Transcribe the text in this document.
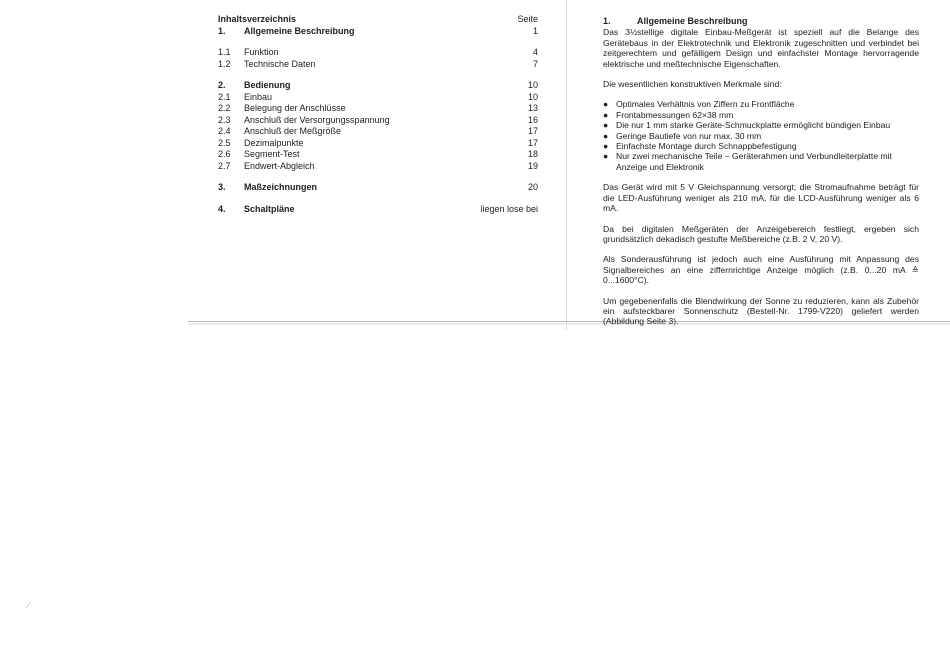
⁄
Inhaltsverzeichnis	Seite
1.	Allgemeine Beschreibung	1
1.1	Funktion	4
1.2	Technische Daten	7
2.	Bedienung	10
2.1	Einbau	10
2.2	Belegung der Anschlüsse	13
2.3	Anschluß der Versorgungsspannung	16
2.4	Anschluß der Meßgröße	17
2.5	Dezimalpunkte	17
2.6	Segment-Test	18
2.7	Endwert-Abgleich	19
3.	Maßzeichnungen	20
4.	Schaltpläne	liegen lose bei
1.	Allgemeine Beschreibung

Das 3½stellige digitale Einbau-Meßgerät ist speziell auf die Belange des Gerätebaus in der Elektrotechnik und Elektronik zugeschnitten und verbindet bei zeitgerechtem und gefälligem Design und einfachster Montage hervorragende elektrische und meßtechnische Eigenschaften.

Die wesentlichen konstruktiven Merkmale sind:

● Optimales Verhältnis von Ziffern zu Frontfläche
● Frontabmessungen 62×38 mm
● Die nur 1 mm starke Geräte-Schmuckplatte ermöglicht bündigen Einbau
● Geringe Bautiefe von nur max. 30 mm
● Einfachste Montage durch Schnappbefestigung
● Nur zwei mechanische Teile – Geräterahmen und Verbundleiterplatte mit Anzeige und Elektronik

Das Gerät wird mit 5 V Gleichspannung versorgt; die Stromaufnahme beträgt für die LED-Ausführung weniger als 210 mA, für die LCD-Ausführung weniger als 6 mA.

Da bei digitalen Meßgeräten der Anzeigebereich festliegt, ergeben sich grundsätzlich dekadisch gestufte Meßbereiche (z.B. 2 V, 20 V).

Als Sonderausführung ist jedoch auch eine Ausführung mit Anpassung des Signalbereiches an eine ziffernrichtige Anzeige möglich (z.B. 0...20 mA ≙ 0...1600°C).

Um gegebenenfalls die Blendwirkung der Sonne zu reduzieren, kann als Zubehör ein aufsteckbarer Sonnenschutz (Bestell-Nr. 1799-V220) geliefert werden (Abbildung Seite 3).
